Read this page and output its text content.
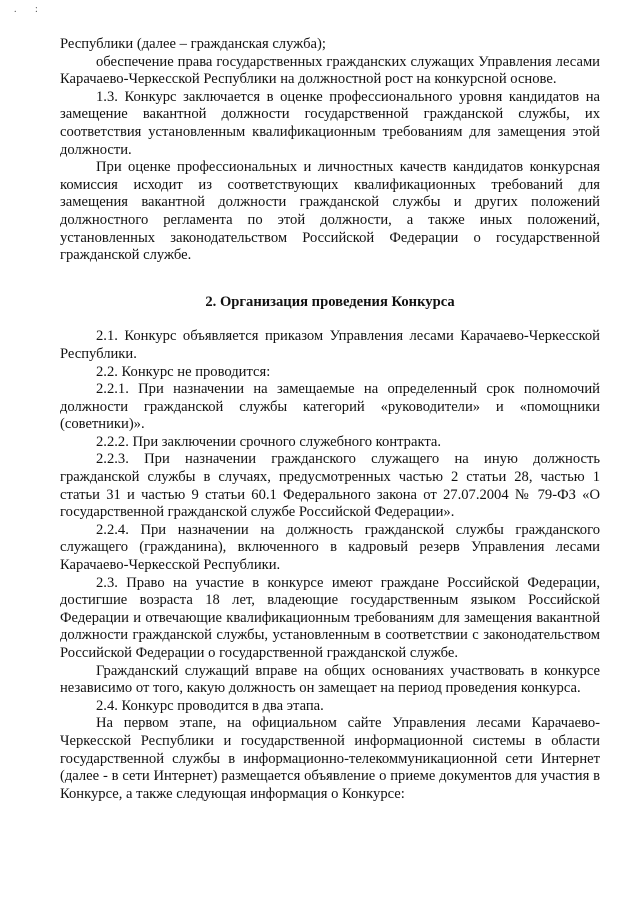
. :

Республики (далее – гражданская служба);

обеспечение права государственных гражданских служащих Управления лесами Карачаево-Черкесской Республики на должностной рост на конкурсной основе.

1.3. Конкурс заключается в оценке профессионального уровня кандидатов на замещение вакантной должности государственной гражданской службы, их соответствия установленным квалификационным требованиям для замещения этой должности.

При оценке профессиональных и личностных качеств кандидатов конкурсная комиссия исходит из соответствующих квалификационных требований для замещения вакантной должности гражданской службы и других положений должностного регламента по этой должности, а также иных положений, установленных законодательством Российской Федерации о государственной гражданской службе.

2. Организация проведения Конкурса

2.1. Конкурс объявляется приказом Управления лесами Карачаево-Черкесской Республики.

2.2. Конкурс не проводится:

2.2.1. При назначении на замещаемые на определенный срок полномочий должности гражданской службы категорий «руководители» и «помощники (советники)».

2.2.2. При заключении срочного служебного контракта.

2.2.3. При назначении гражданского служащего на иную должность гражданской службы в случаях, предусмотренных частью 2 статьи 28, частью 1 статьи 31 и частью 9 статьи 60.1 Федерального закона от 27.07.2004 № 79-ФЗ «О государственной гражданской службе Российской Федерации».

2.2.4. При назначении на должность гражданской службы гражданского служащего (гражданина), включенного в кадровый резерв Управления лесами Карачаево-Черкесской Республики.

2.3. Право на участие в конкурсе имеют граждане Российской Федерации, достигшие возраста 18 лет, владеющие государственным языком Российской Федерации и отвечающие квалификационным требованиям для замещения вакантной должности гражданской службы, установленным в соответствии с законодательством Российской Федерации о государственной гражданской службе.

Гражданский служащий вправе на общих основаниях участвовать в конкурсе независимо от того, какую должность он замещает на период проведения конкурса.

2.4. Конкурс проводится в два этапа.

На первом этапе, на официальном сайте Управления лесами Карачаево-Черкесской Республики и государственной информационной системы в области государственной службы в информационно-телекоммуникационной сети Интернет (далее - в сети Интернет) размещается объявление о приеме документов для участия в Конкурсе, а также следующая информация о Конкурсе:
